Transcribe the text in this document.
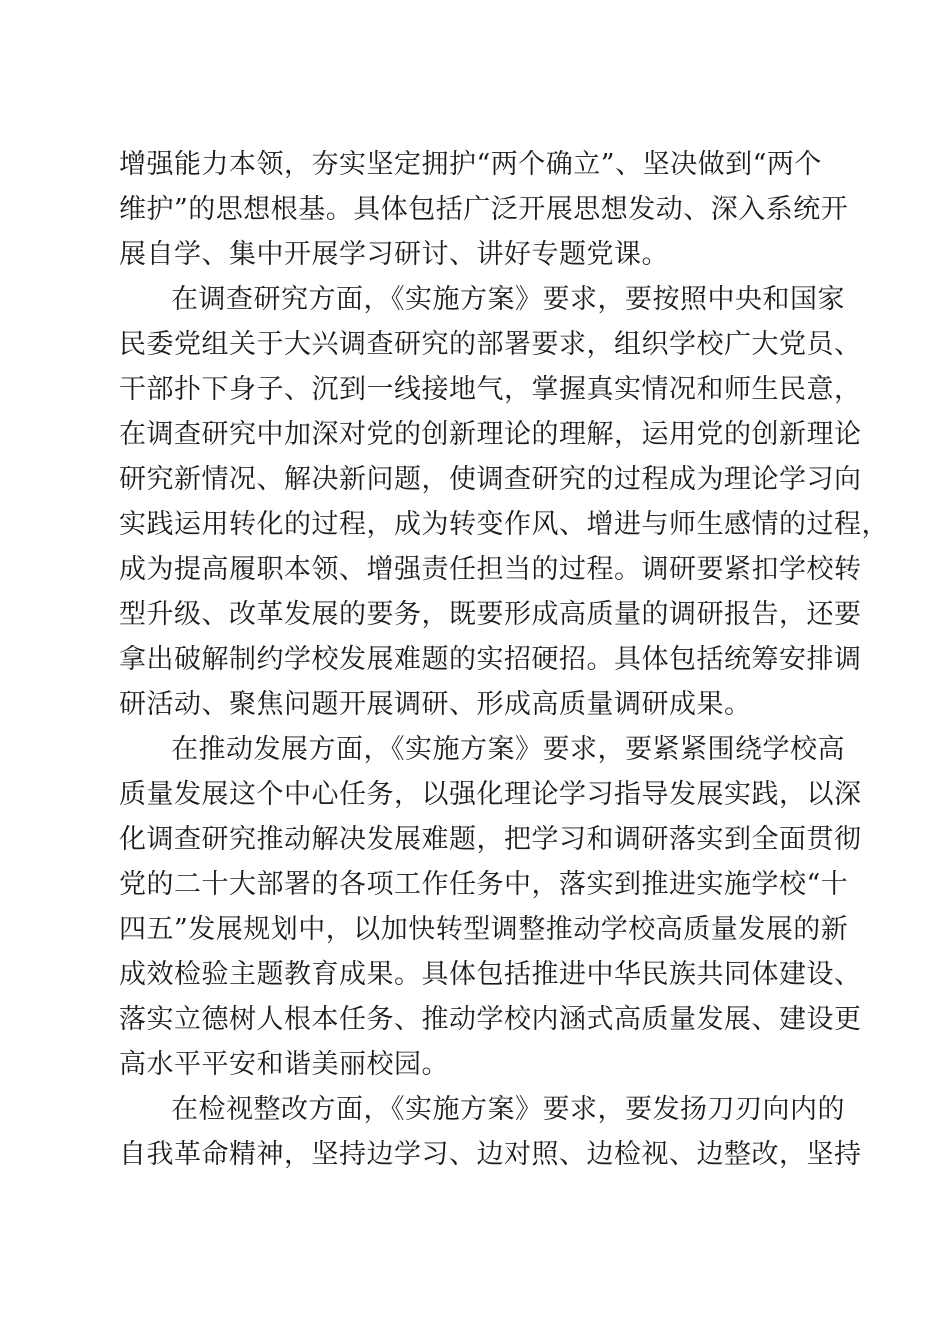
增强能力本领，夯实坚定拥护“两个确立”、坚决做到“两个
维护”的思想根基。具体包括广泛开展思想发动、深入系统开
展自学、集中开展学习研讨、讲好专题党课。
在调查研究方面，《实施方案》要求，要按照中央和国家
民委党组关于大兴调查研究的部署要求，组织学校广大党员、
干部扑下身子、沉到一线接地气，掌握真实情况和师生民意，
在调查研究中加深对党的创新理论的理解，运用党的创新理论
研究新情况、解决新问题，使调查研究的过程成为理论学习向
实践运用转化的过程，成为转变作风、增进与师生感情的过程，
成为提高履职本领、增强责任担当的过程。调研要紧扣学校转
型升级、改革发展的要务，既要形成高质量的调研报告，还要
拿出破解制约学校发展难题的实招硬招。具体包括统筹安排调
研活动、聚焦问题开展调研、形成高质量调研成果。
在推动发展方面，《实施方案》要求，要紧紧围绕学校高
质量发展这个中心任务，以强化理论学习指导发展实践，以深
化调查研究推动解决发展难题，把学习和调研落实到全面贯彻
党的二十大部署的各项工作任务中，落实到推进实施学校“十
四五”发展规划中，以加快转型调整推动学校高质量发展的新
成效检验主题教育成果。具体包括推进中华民族共同体建设、
落实立德树人根本任务、推动学校内涵式高质量发展、建设更
高水平平安和谐美丽校园。
在检视整改方面，《实施方案》要求，要发扬刀刃向内的
自我革命精神，坚持边学习、边对照、边检视、边整改，坚持
